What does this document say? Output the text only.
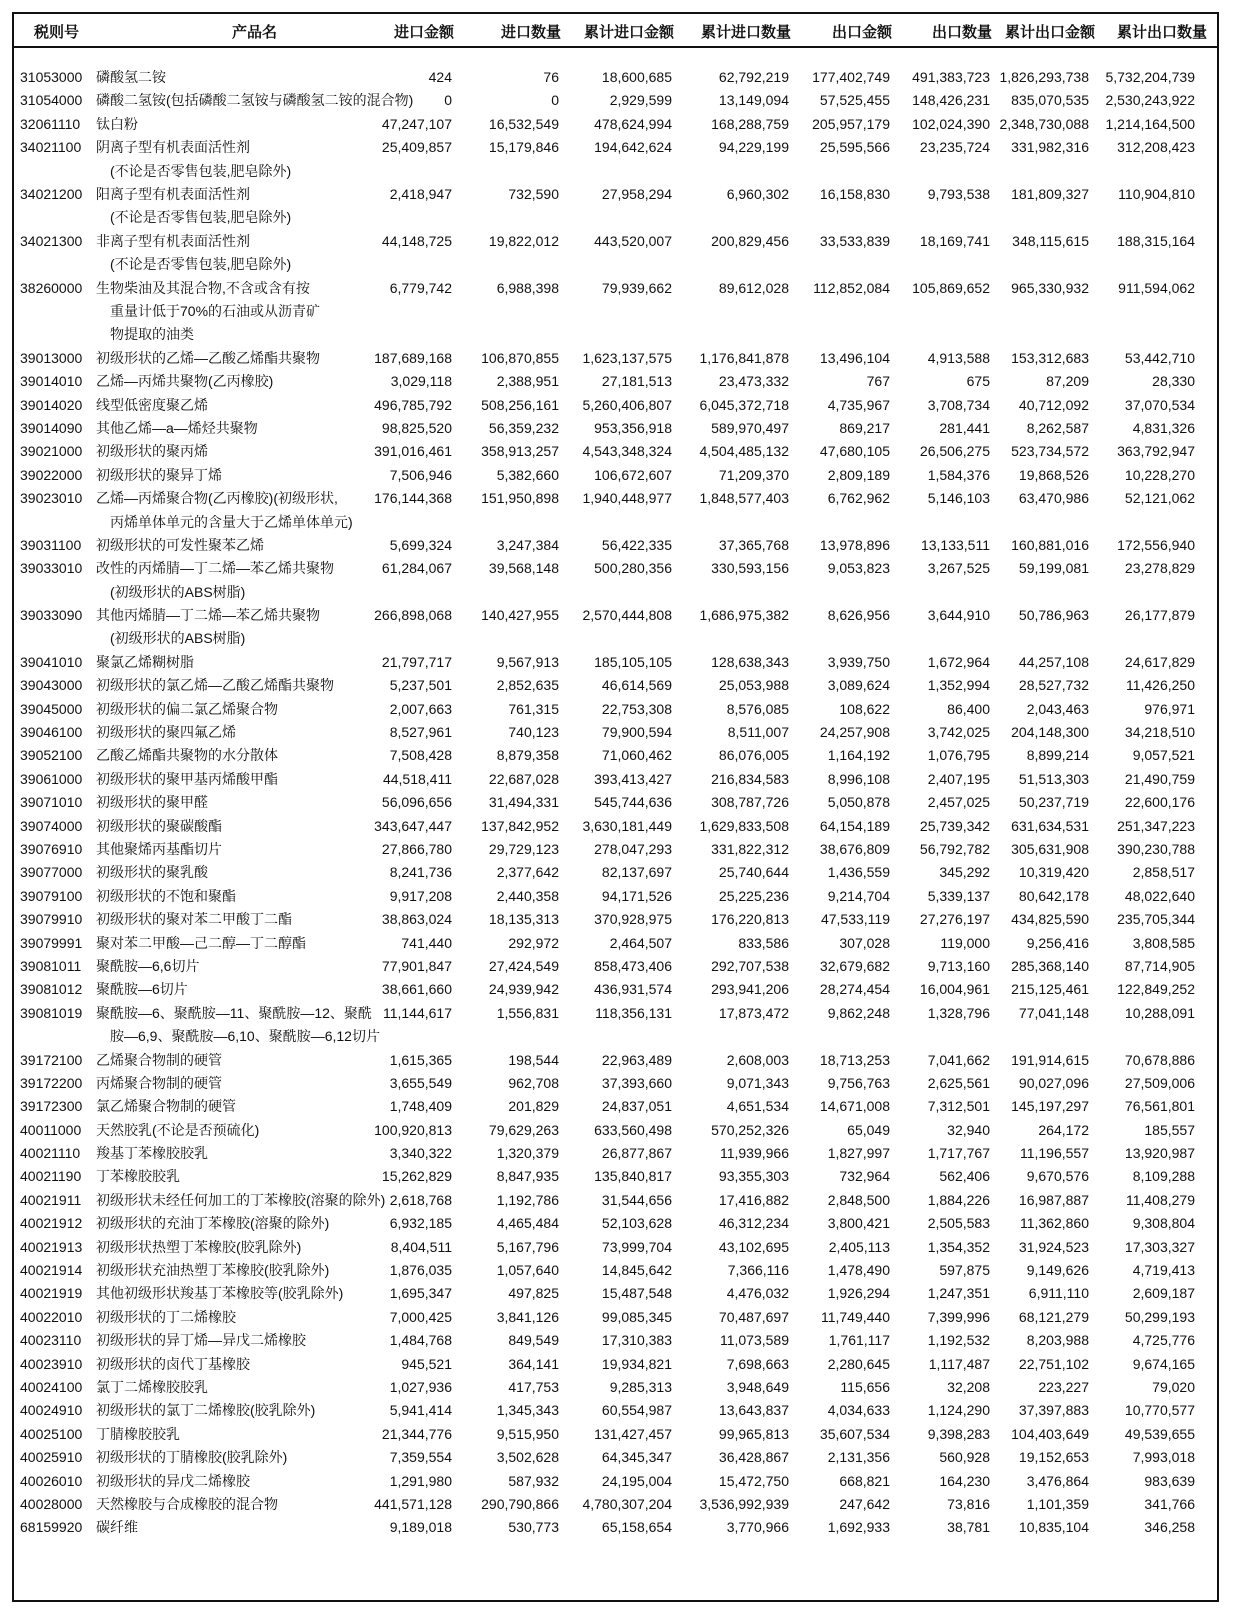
税则号	产品名	进口金额	进口数量 累计进口金额 累计进口数量	出口金额	出口数量 累计出口金额 累计出口数量
31053000 磷酸氢二铵	424	76	18,600,685	62,792,219 177,402,749 491,383,723 1,826,293,738 5,732,204,739
31054000 磷酸二氢铵(包括磷酸二氢铵与磷酸氢二铵的混合物) 0	0	2,929,599	13,149,094 57,525,455 148,426,231 835,070,535 2,530,243,922
32061110 钛白粉	47,247,107	16,532,549	478,624,994	168,288,759 205,957,179 102,024,390 2,348,730,088 1,214,164,500
34021100 阴离子型有机表面活性剂
(不论是否零售包装,肥皂除外)
25,409,857	15,179,846	194,642,624	94,229,199 25,595,566 23,235,724 331,982,316 312,208,423
34021200 阳离子型有机表面活性剂
(不论是否零售包装,肥皂除外)
2,418,947	732,590	27,958,294	6,960,302 16,158,830	9,793,538 181,809,327 110,904,810
34021300 非离子型有机表面活性剂
(不论是否零售包装,肥皂除外)
44,148,725	19,822,012	443,520,007	200,829,456 33,533,839 18,169,741 348,115,615 188,315,164
38260000 生物柴油及其混合物,不含或含有按
重量计低于70%的石油或从沥青矿
物提取的油类
6,779,742	6,988,398	79,939,662	89,612,028 112,852,084 105,869,652 965,330,932 911,594,062
39013000 初级形状的乙烯—乙酸乙烯酯共聚物	187,689,168 106,870,855 1,623,137,575 1,176,841,878 13,496,104	4,913,588 153,312,683	53,442,710
39014010 乙烯—丙烯共聚物(乙丙橡胶)	3,029,118	2,388,951	27,181,513	23,473,332	767	675	87,209	28,330
39014020 线型低密度聚乙烯	496,785,792 508,256,161 5,260,406,807 6,045,372,718	4,735,967	3,708,734 40,712,092	37,070,534
39014090 其他乙烯—a—烯烃共聚物	98,825,520	56,359,232	953,356,918	589,970,497	869,217	281,441	8,262,587	4,831,326
39021000 初级形状的聚丙烯	391,016,461 358,913,257 4,543,348,324 4,504,485,132 47,680,105 26,506,275 523,734,572 363,792,947
39022000 初级形状的聚异丁烯	7,506,946	5,382,660	106,672,607	71,209,370	2,809,189	1,584,376 19,868,526	10,228,270
39023010 乙烯—丙烯聚合物(乙丙橡胶)(初级形状,
丙烯单体单元的含量大于乙烯单体单元)
176,144,368 151,950,898 1,940,448,977 1,848,577,403	6,762,962	5,146,103 63,470,986	52,121,062
39031100 初级形状的可发性聚苯乙烯	5,699,324	3,247,384	56,422,335	37,365,768 13,978,896 13,133,511 160,881,016 172,556,940
39033010 改性的丙烯腈—丁二烯—苯乙烯共聚物
(初级形状的ABS树脂)
61,284,067	39,568,148	500,280,356	330,593,156	9,053,823	3,267,525 59,199,081	23,278,829
39033090 其他丙烯腈—丁二烯—苯乙烯共聚物
(初级形状的ABS树脂)
266,898,068 140,427,955 2,570,444,808 1,686,975,382	8,626,956	3,644,910 50,786,963	26,177,879
39041010 聚氯乙烯糊树脂	21,797,717	9,567,913	185,105,105	128,638,343	3,939,750	1,672,964 44,257,108	24,617,829
39043000 初级形状的氯乙烯—乙酸乙烯酯共聚物	5,237,501	2,852,635	46,614,569	25,053,988	3,089,624	1,352,994 28,527,732	11,426,250
39045000 初级形状的偏二氯乙烯聚合物	2,007,663	761,315	22,753,308	8,576,085	108,622	86,400	2,043,463	976,971
39046100 初级形状的聚四氟乙烯	8,527,961	740,123	79,900,594	8,511,007 24,257,908	3,742,025 204,148,300	34,218,510
39052100 乙酸乙烯酯共聚物的水分散体	7,508,428	8,879,358	71,060,462	86,076,005	1,164,192	1,076,795	8,899,214	9,057,521
39061000 初级形状的聚甲基丙烯酸甲酯	44,518,411	22,687,028	393,413,427	216,834,583	8,996,108	2,407,195 51,513,303	21,490,759
39071010 初级形状的聚甲醛	56,096,656	31,494,331	545,744,636	308,787,726	5,050,878	2,457,025 50,237,719	22,600,176
39074000 初级形状的聚碳酸酯	343,647,447 137,842,952 3,630,181,449 1,629,833,508 64,154,189 25,739,342 631,634,531 251,347,223
39076910 其他聚烯丙基酯切片	27,866,780	29,729,123	278,047,293	331,822,312 38,676,809 56,792,782 305,631,908 390,230,788
39077000 初级形状的聚乳酸	8,241,736	2,377,642	82,137,697	25,740,644	1,436,559	345,292 10,319,420	2,858,517
39079100 初级形状的不饱和聚酯	9,917,208	2,440,358	94,171,526	25,225,236	9,214,704	5,339,137 80,642,178	48,022,640
39079910 初级形状的聚对苯二甲酸丁二酯	38,863,024	18,135,313	370,928,975	176,220,813 47,533,119 27,276,197 434,825,590 235,705,344
39079991 聚对苯二甲酸—己二醇—丁二醇酯	741,440	292,972	2,464,507	833,586	307,028	119,000	9,256,416	3,808,585
39081011 聚酰胺—6,6切片	77,901,847	27,424,549	858,473,406	292,707,538 32,679,682	9,713,160 285,368,140	87,714,905
39081012 聚酰胺—6切片	38,661,660	24,939,942	436,931,574	293,941,206 28,274,454 16,004,961 215,125,461 122,849,252
39081019 聚酰胺—6、聚酰胺—11、聚酰胺—12、聚酰
胺—6,9、聚酰胺—6,10、聚酰胺—6,12切片
11,144,617	1,556,831	118,356,131	17,873,472	9,862,248	1,328,796 77,041,148	10,288,091
39172100 乙烯聚合物制的硬管	1,615,365	198,544	22,963,489	2,608,003 18,713,253	7,041,662 191,914,615	70,678,886
39172200 丙烯聚合物制的硬管	3,655,549	962,708	37,393,660	9,071,343	9,756,763	2,625,561 90,027,096	27,509,006
39172300 氯乙烯聚合物制的硬管	1,748,409	201,829	24,837,051	4,651,534 14,671,008	7,312,501 145,197,297	76,561,801
40011000 天然胶乳(不论是否预硫化)	100,920,813	79,629,263	633,560,498	570,252,326	65,049	32,940	264,172	185,557
40021110 羧基丁苯橡胶胶乳	3,340,322	1,320,379	26,877,867	11,939,966	1,827,997	1,717,767 11,196,557	13,920,987
40021190 丁苯橡胶胶乳	15,262,829	8,847,935	135,840,817	93,355,303	732,964	562,406	9,670,576	8,109,288
40021911 初级形状未经任何加工的丁苯橡胶(溶聚的除外) 2,618,768	1,192,786	31,544,656	17,416,882	2,848,500	1,884,226 16,987,887	11,408,279
40021912 初级形状的充油丁苯橡胶(溶聚的除外)	6,932,185	4,465,484	52,103,628	46,312,234	3,800,421	2,505,583 11,362,860	9,308,804
40021913 初级形状热塑丁苯橡胶(胶乳除外)	8,404,511	5,167,796	73,999,704	43,102,695	2,405,113	1,354,352 31,924,523	17,303,327
40021914 初级形状充油热塑丁苯橡胶(胶乳除外)	1,876,035	1,057,640	14,845,642	7,366,116	1,478,490	597,875	9,149,626	4,719,413
40021919 其他初级形状羧基丁苯橡胶等(胶乳除外)	1,695,347	497,825	15,487,548	4,476,032	1,926,294	1,247,351	6,911,110	2,609,187
40022010 初级形状的丁二烯橡胶	7,000,425	3,841,126	99,085,345	70,487,697 11,749,440	7,399,996 68,121,279	50,299,193
40023110 初级形状的异丁烯—异戊二烯橡胶	1,484,768	849,549	17,310,383	11,073,589	1,761,117	1,192,532	8,203,988	4,725,776
40023910 初级形状的卤代丁基橡胶	945,521	364,141	19,934,821	7,698,663	2,280,645	1,117,487 22,751,102	9,674,165
40024100 氯丁二烯橡胶胶乳	1,027,936	417,753	9,285,313	3,948,649	115,656	32,208	223,227	79,020
40024910 初级形状的氯丁二烯橡胶(胶乳除外)	5,941,414	1,345,343	60,554,987	13,643,837	4,034,633	1,124,290 37,397,883	10,770,577
40025100 丁腈橡胶胶乳	21,344,776	9,515,950	131,427,457	99,965,813 35,607,534	9,398,283 104,403,649	49,539,655
40025910 初级形状的丁腈橡胶(胶乳除外)	7,359,554	3,502,628	64,345,347	36,428,867	2,131,356	560,928 19,152,653	7,993,018
40026010 初级形状的异戊二烯橡胶	1,291,980	587,932	24,195,004	15,472,750	668,821	164,230	3,476,864	983,639
40028000 天然橡胶与合成橡胶的混合物	441,571,128 290,790,866 4,780,307,204 3,536,992,939	247,642	73,816	1,101,359	341,766
68159920 碳纤维	9,189,018	530,773	65,158,654	3,770,966	1,692,933	38,781 10,835,104	346,258
